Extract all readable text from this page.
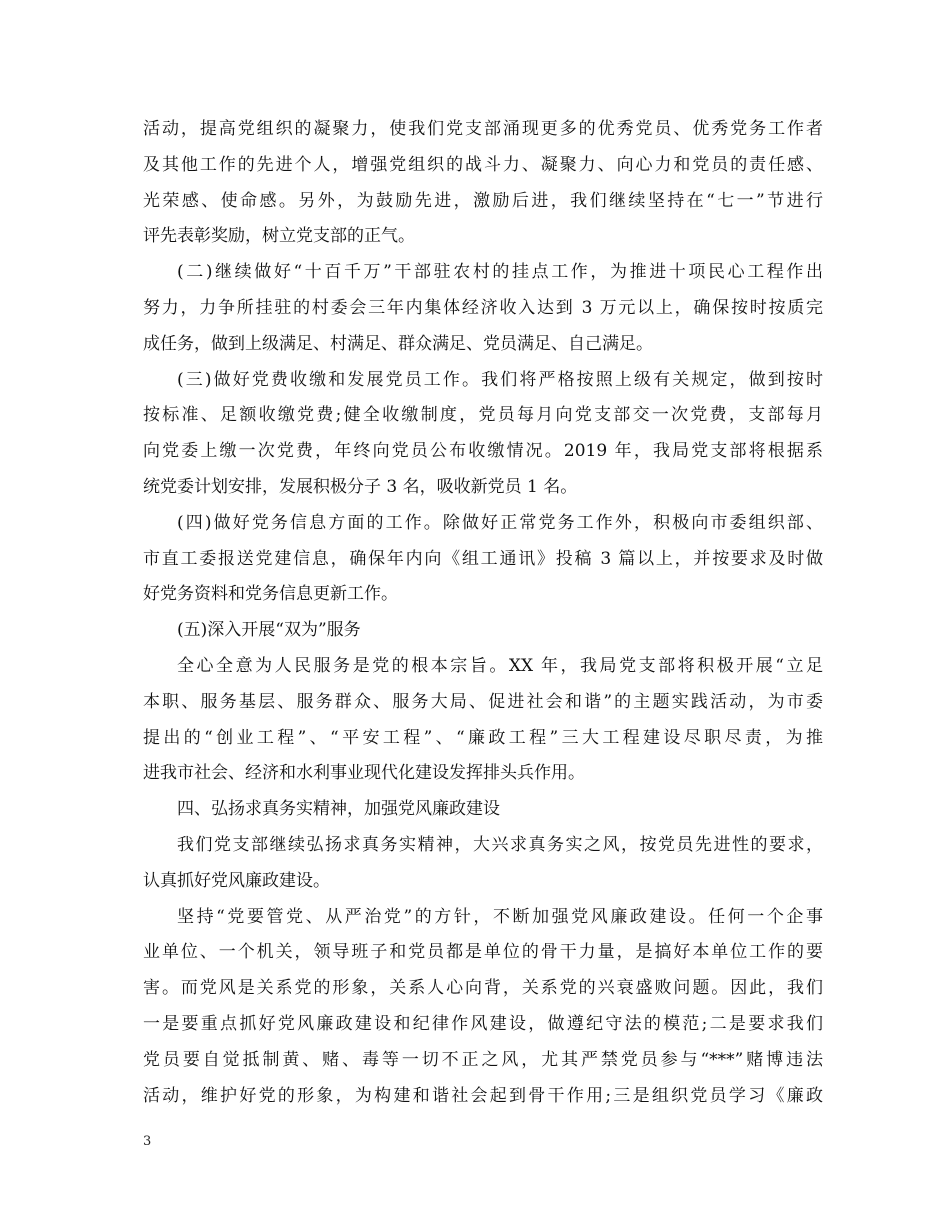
活动，提高党组织的凝聚力，使我们党支部涌现更多的优秀党员、优秀党务工作者
及其他工作的先进个人，增强党组织的战斗力、凝聚力、向心力和党员的责任感、
光荣感、使命感。另外，为鼓励先进，激励后进，我们继续坚持在“七一”节进行
评先表彰奖励，树立党支部的正气。
(二)继续做好“十百千万”干部驻农村的挂点工作，为推进十项民心工程作出
努力，力争所挂驻的村委会三年内集体经济收入达到 3 万元以上，确保按时按质完
成任务，做到上级满足、村满足、群众满足、党员满足、自己满足。
(三)做好党费收缴和发展党员工作。我们将严格按照上级有关规定，做到按时
按标准、足额收缴党费;健全收缴制度，党员每月向党支部交一次党费，支部每月
向党委上缴一次党费，年终向党员公布收缴情况。2019 年，我局党支部将根据系
统党委计划安排，发展积极分子 3 名，吸收新党员 1 名。
(四)做好党务信息方面的工作。除做好正常党务工作外，积极向市委组织部、
市直工委报送党建信息，确保年内向《组工通讯》投稿 3 篇以上，并按要求及时做
好党务资料和党务信息更新工作。
(五)深入开展“双为”服务
全心全意为人民服务是党的根本宗旨。XX 年，我局党支部将积极开展“立足
本职、服务基层、服务群众、服务大局、促进社会和谐”的主题实践活动，为市委
提出的“创业工程”、“平安工程”、“廉政工程”三大工程建设尽职尽责，为推
进我市社会、经济和水利事业现代化建设发挥排头兵作用。
四、弘扬求真务实精神，加强党风廉政建设
我们党支部继续弘扬求真务实精神，大兴求真务实之风，按党员先进性的要求，
认真抓好党风廉政建设。
坚持“党要管党、从严治党”的方针，不断加强党风廉政建设。任何一个企事
业单位、一个机关，领导班子和党员都是单位的骨干力量，是搞好本单位工作的要
害。而党风是关系党的形象，关系人心向背，关系党的兴衰盛败问题。因此，我们
一是要重点抓好党风廉政建设和纪律作风建设，做遵纪守法的模范;二是要求我们
党员要自觉抵制黄、赌、毒等一切不正之风，尤其严禁党员参与“***”赌博违法
活动，维护好党的形象，为构建和谐社会起到骨干作用;三是组织党员学习《廉政
3
